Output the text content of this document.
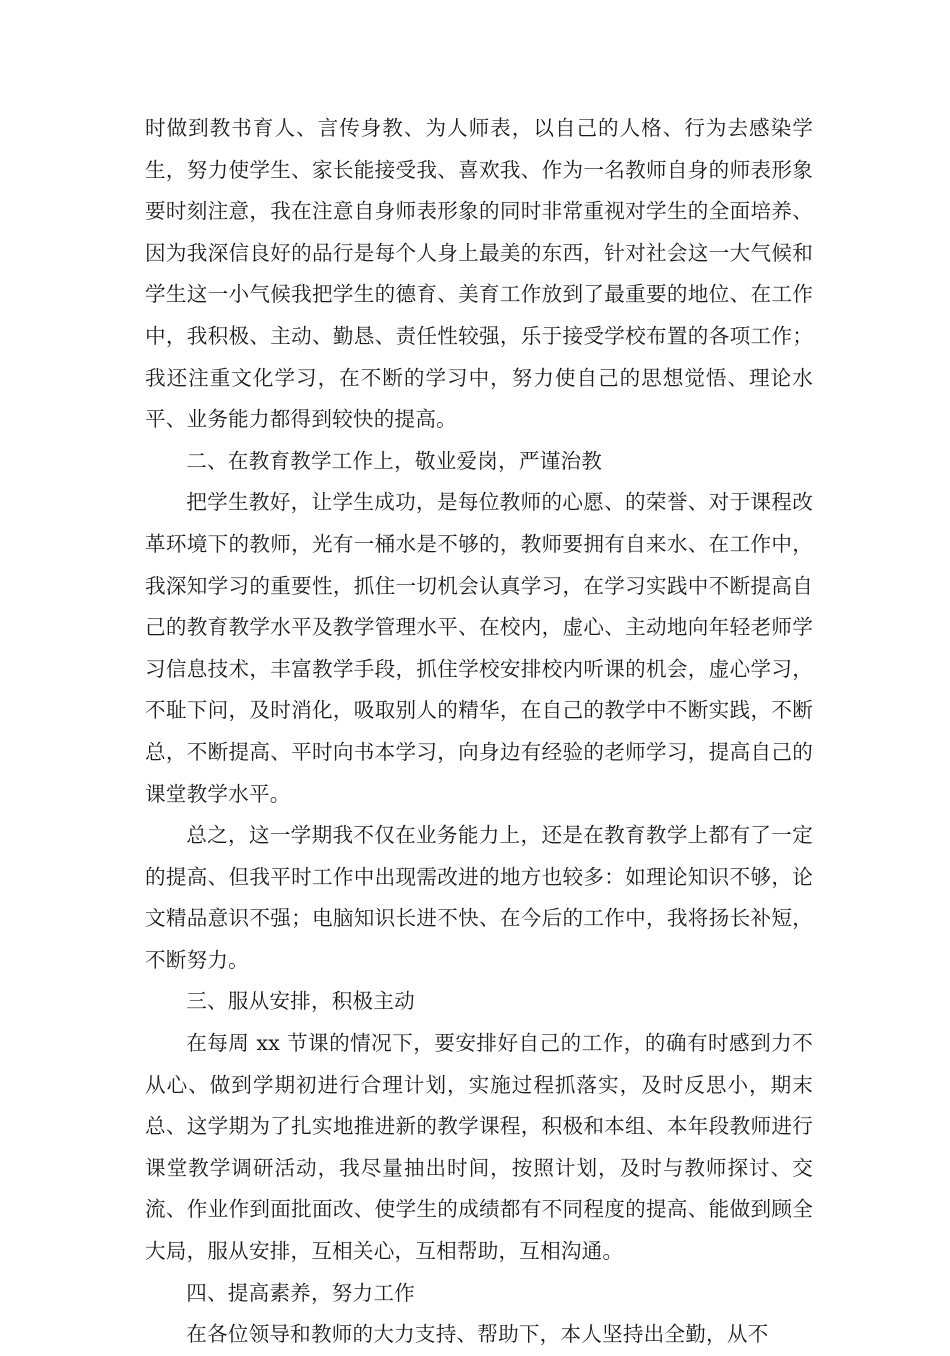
时做到教书育人、言传身教、为人师表，以自己的人格、行为去感染学生，努力使学生、家长能接受我、喜欢我、作为一名教师自身的师表形象要时刻注意，我在注意自身师表形象的同时非常重视对学生的全面培养、因为我深信良好的品行是每个人身上最美的东西，针对社会这一大气候和学生这一小气候我把学生的德育、美育工作放到了最重要的地位、在工作中，我积极、主动、勤恳、责任性较强，乐于接受学校布置的各项工作；我还注重文化学习，在不断的学习中，努力使自己的思想觉悟、理论水平、业务能力都得到较快的提高。

二、在教育教学工作上，敬业爱岗，严谨治教

把学生教好，让学生成功，是每位教师的心愿、的荣誉、对于课程改革环境下的教师，光有一桶水是不够的，教师要拥有自来水、在工作中，我深知学习的重要性，抓住一切机会认真学习，在学习实践中不断提高自己的教育教学水平及教学管理水平、在校内，虚心、主动地向年轻老师学习信息技术，丰富教学手段，抓住学校安排校内听课的机会，虚心学习，不耻下问，及时消化，吸取别人的精华，在自己的教学中不断实践，不断总，不断提高、平时向书本学习，向身边有经验的老师学习，提高自己的课堂教学水平。

总之，这一学期我不仅在业务能力上，还是在教育教学上都有了一定的提高、但我平时工作中出现需改进的地方也较多：如理论知识不够，论文精品意识不强；电脑知识长进不快、在今后的工作中，我将扬长补短，不断努力。

三、服从安排，积极主动

在每周 xx 节课的情况下，要安排好自己的工作，的确有时感到力不从心、做到学期初进行合理计划，实施过程抓落实，及时反思小，期末总、这学期为了扎实地推进新的教学课程，积极和本组、本年段教师进行课堂教学调研活动，我尽量抽出时间，按照计划，及时与教师探讨、交流、作业作到面批面改、使学生的成绩都有不同程度的提高、能做到顾全大局，服从安排，互相关心，互相帮助，互相沟通。

四、提高素养，努力工作

在各位领导和教师的大力支持、帮助下，本人坚持出全勤，从不
